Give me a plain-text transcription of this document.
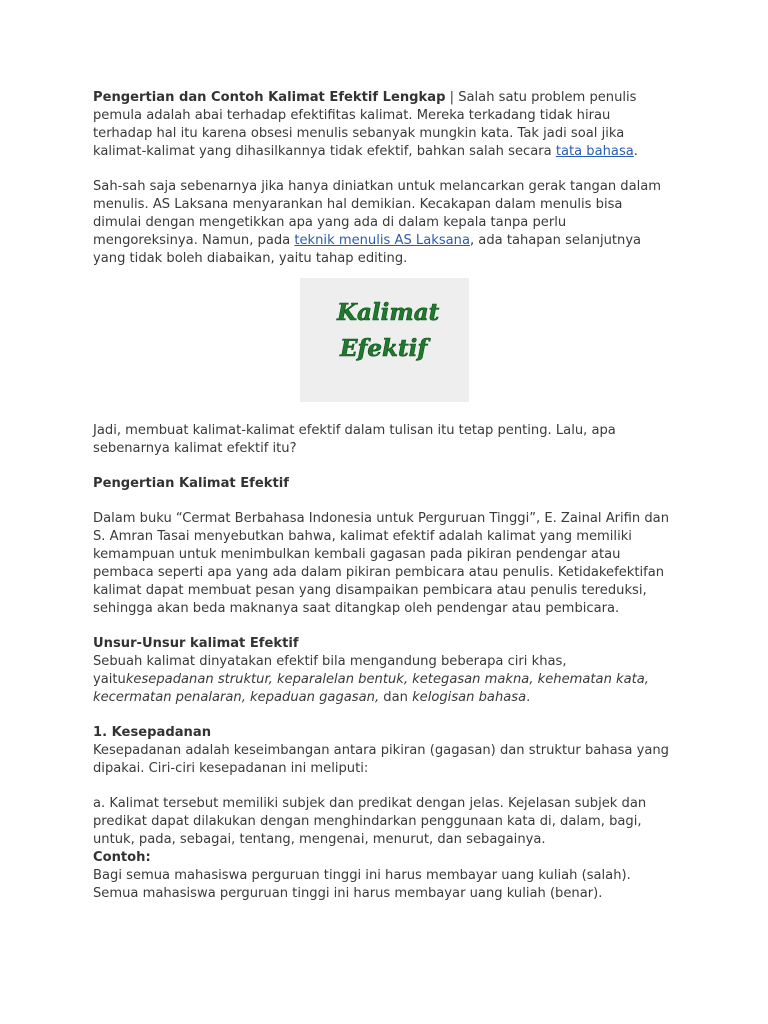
Pengertian dan Contoh Kalimat Efektif Lengkap | Salah satu problem penulis pemula adalah abai terhadap efektifitas kalimat. Mereka terkadang tidak hirau terhadap hal itu karena obsesi menulis sebanyak mungkin kata. Tak jadi soal jika kalimat-kalimat yang dihasilkannya tidak efektif, bahkan salah secara tata bahasa.

Sah-sah saja sebenarnya jika hanya diniatkan untuk melancarkan gerak tangan dalam menulis. AS Laksana menyarankan hal demikian. Kecakapan dalam menulis bisa dimulai dengan mengetikkan apa yang ada di dalam kepala tanpa perlu mengoreksinya. Namun, pada teknik menulis AS Laksana, ada tahapan selanjutnya yang tidak boleh diabaikan, yaitu tahap editing.

Kalimat
Efektif

Jadi, membuat kalimat-kalimat efektif dalam tulisan itu tetap penting. Lalu, apa sebenarnya kalimat efektif itu?

Pengertian Kalimat Efektif

Dalam buku “Cermat Berbahasa Indonesia untuk Perguruan Tinggi”, E. Zainal Arifin dan S. Amran Tasai menyebutkan bahwa, kalimat efektif adalah kalimat yang memiliki kemampuan untuk menimbulkan kembali gagasan pada pikiran pendengar atau pembaca seperti apa yang ada dalam pikiran pembicara atau penulis. Ketidakefektifan kalimat dapat membuat pesan yang disampaikan pembicara atau penulis tereduksi, sehingga akan beda maknanya saat ditangkap oleh pendengar atau pembicara.

Unsur-Unsur kalimat Efektif

Sebuah kalimat dinyatakan efektif bila mengandung beberapa ciri khas, yaitukesepadanan struktur, keparalelan bentuk, ketegasan makna, kehematan kata, kecermatan penalaran, kepaduan gagasan, dan kelogisan bahasa.

1. Kesepadanan

Kesepadanan adalah keseimbangan antara pikiran (gagasan) dan struktur bahasa yang dipakai. Ciri-ciri kesepadanan ini meliputi:

a. Kalimat tersebut memiliki subjek dan predikat dengan jelas. Kejelasan subjek dan predikat dapat dilakukan dengan menghindarkan penggunaan kata di, dalam, bagi, untuk, pada, sebagai, tentang, mengenai, menurut, dan sebagainya.

Contoh:

Bagi semua mahasiswa perguruan tinggi ini harus membayar uang kuliah (salah).

Semua mahasiswa perguruan tinggi ini harus membayar uang kuliah (benar).
